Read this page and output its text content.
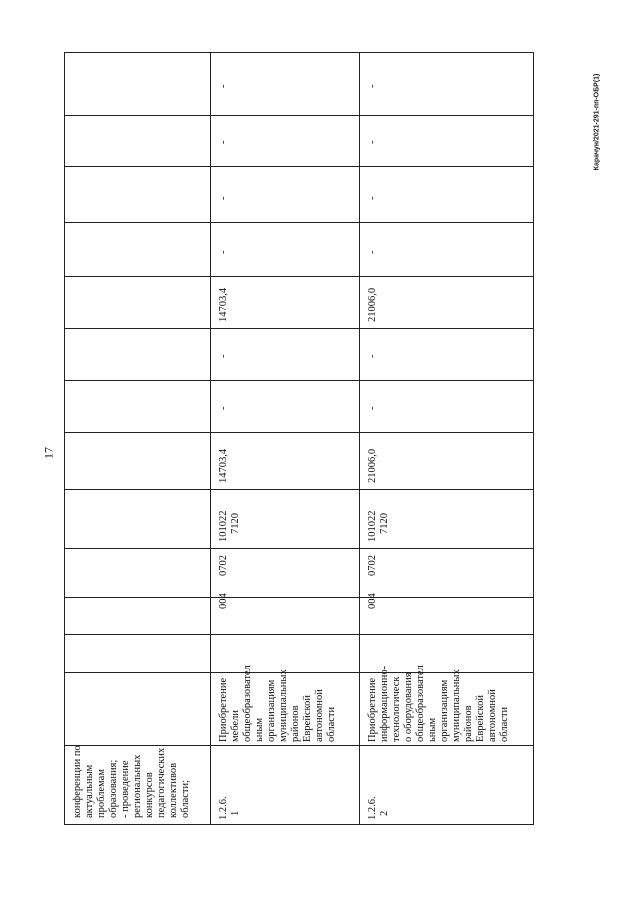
17
Карачун/2021-291-пп-ОБР(1)
конференции по актуальным проблемам образования; - проведение региональных конкурсов педагогических коллективов области;	1.2.6. 1
Приобретение мебели общеобразовател ьным организациям муниципальных районов Еврейской автономной области
004
0702
101022 7120
14703,4
-
-
14703,4
-
-
-
-
1.2.6. 2
Приобретение информационно- технологическ о оборудования общеобразовател ьным организациям муниципальных районов Еврейской автономной области
004
0702
101022 7120
21006,0
-
-
21006,0
-
-
-
-
